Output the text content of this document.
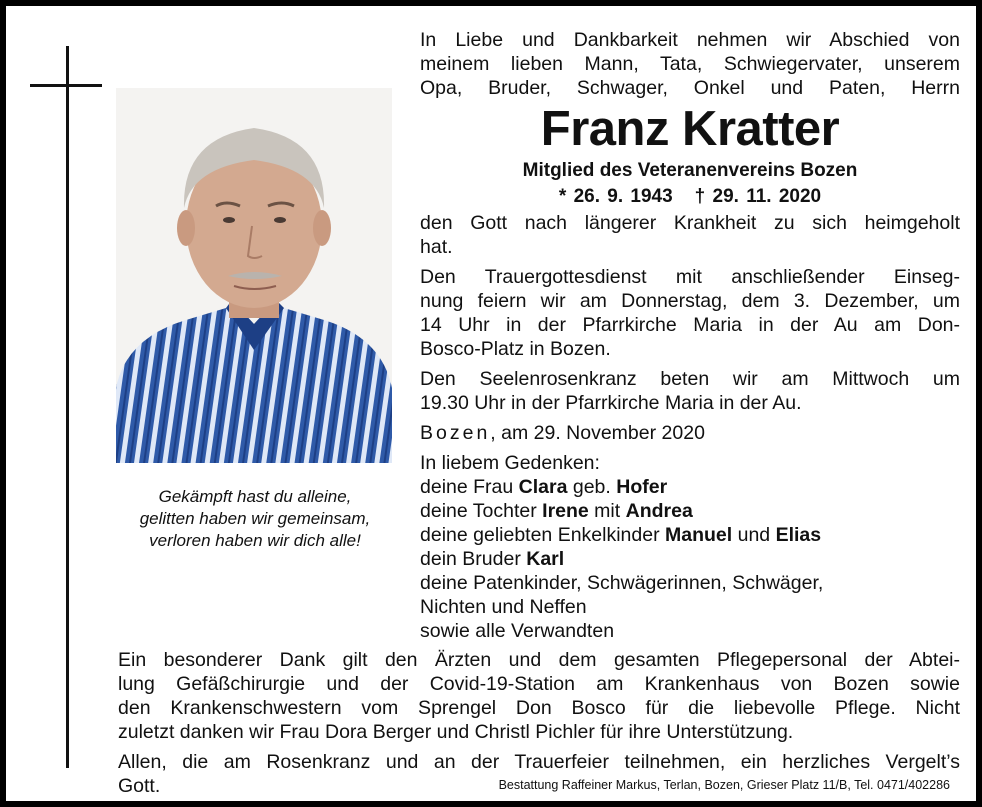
Gekämpft hast du alleine,
gelitten haben wir gemeinsam,
verloren haben wir dich alle!

In Liebe und Dankbarkeit nehmen wir Abschied von

meinem lieben Mann, Tata, Schwiegervater, unserem

Opa, Bruder, Schwager, Onkel und Paten, Herrn

Franz Kratter
Mitglied des Veteranenvereins Bozen
* 26. 9. 1943 † 29. 11. 2020

den Gott nach längerer Krankheit zu sich heimgeholt

hat.

Den Trauergottesdienst mit anschließender Einseg-

nung feiern wir am Donnerstag, dem 3. Dezember, um

14 Uhr in der Pfarrkirche Maria in der Au am Don-

Bosco-Platz in Bozen.

Den Seelenrosenkranz beten wir am Mittwoch um

19.30 Uhr in der Pfarrkirche Maria in der Au.

Bozen, am 29. November 2020

In liebem Gedenken:

deine Frau Clara geb. Hofer

deine Tochter Irene mit Andrea

deine geliebten Enkelkinder Manuel und Elias

dein Bruder Karl

deine Patenkinder, Schwägerinnen, Schwäger,

Nichten und Neffen

sowie alle Verwandten

Ein besonderer Dank gilt den Ärzten und dem gesamten Pflegepersonal der Abtei-

lung Gefäßchirurgie und der Covid-19-Station am Krankenhaus von Bozen sowie

den Krankenschwestern vom Sprengel Don Bosco für die liebevolle Pflege. Nicht

zuletzt danken wir Frau Dora Berger und Christl Pichler für ihre Unterstützung.

Allen, die am Rosenkranz und an der Trauerfeier teilnehmen, ein herzliches Vergelt’s

Gott.	Bestattung Raffeiner Markus, Terlan, Bozen, Grieser Platz 11/B, Tel. 0471/402286
